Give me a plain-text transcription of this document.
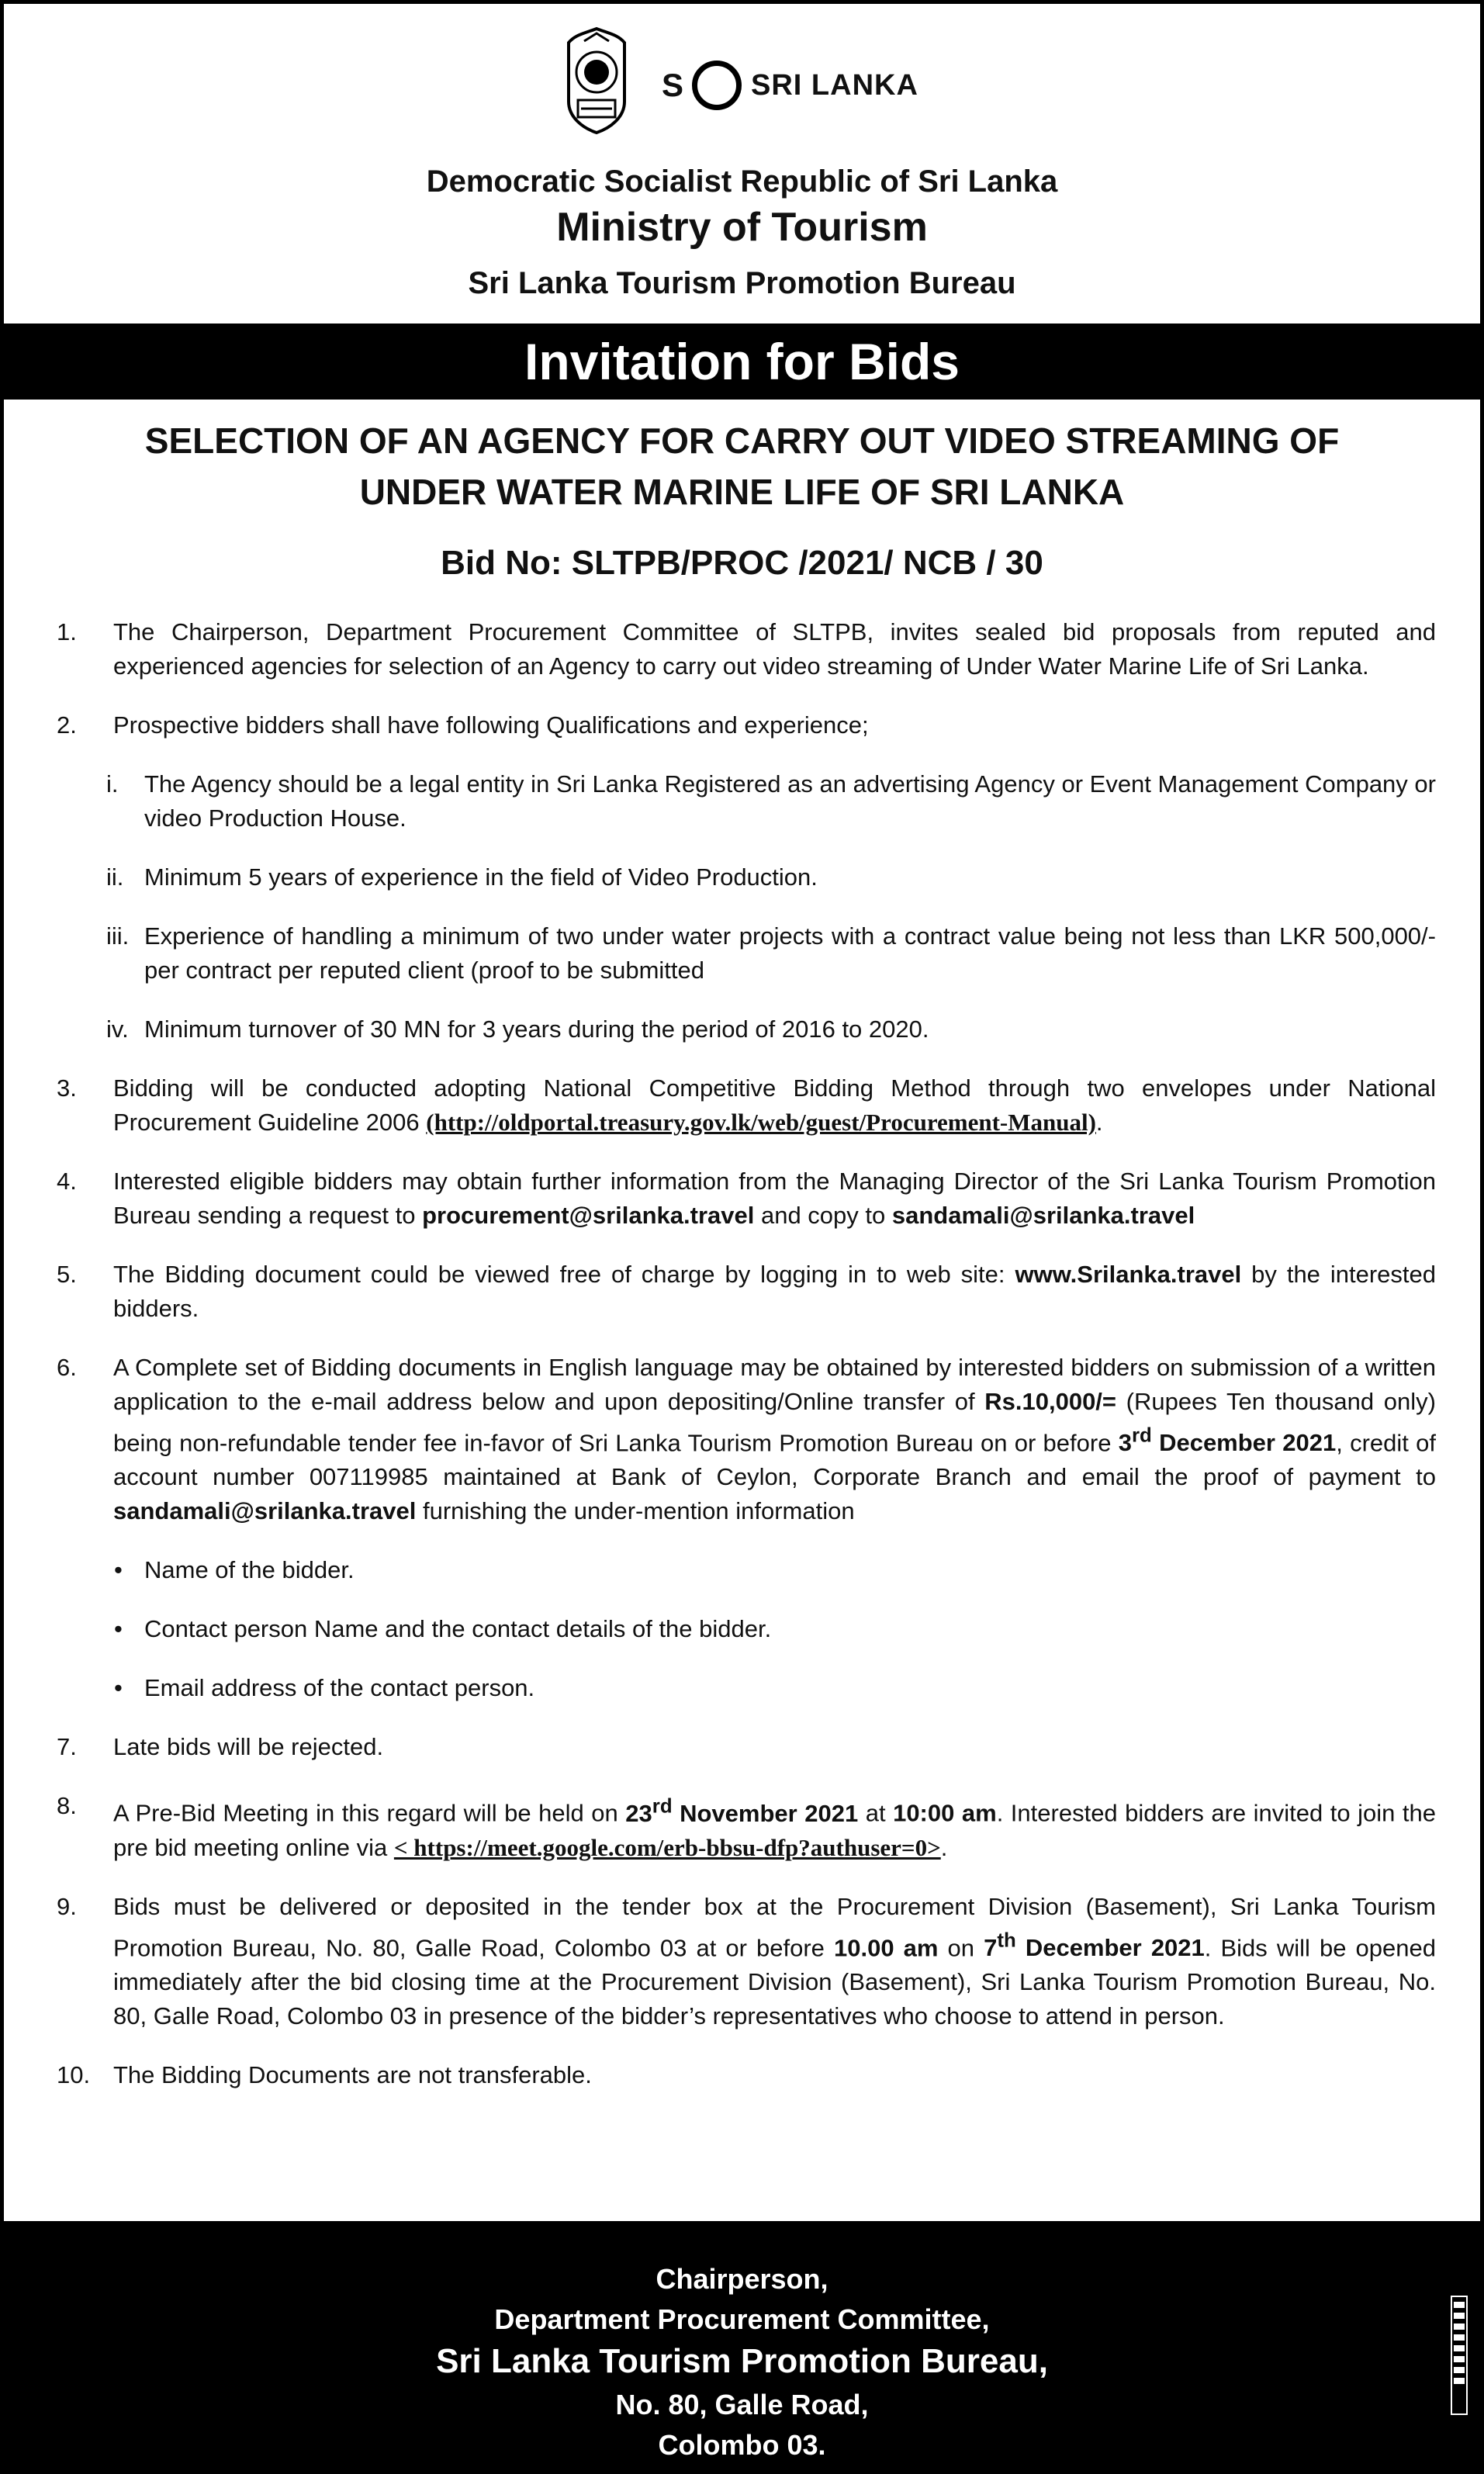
S SRI LANKA
Democratic Socialist Republic of Sri Lanka
Ministry of Tourism
Sri Lanka Tourism Promotion Bureau
Invitation for Bids
SELECTION OF AN AGENCY FOR CARRY OUT VIDEO STREAMING OF
UNDER WATER MARINE LIFE OF SRI LANKA
Bid No: SLTPB/PROC /2021/ NCB / 30
1. The Chairperson, Department Procurement Committee of SLTPB, invites sealed bid proposals from reputed and experienced agencies for selection of an Agency to carry out video streaming of Under Water Marine Life of Sri Lanka.
2. Prospective bidders shall have following Qualifications and experience;
i. The Agency should be a legal entity in Sri Lanka Registered as an advertising Agency or Event Management Company or video Production House.
ii. Minimum 5 years of experience in the field of Video Production.
iii. Experience of handling a minimum of two under water projects with a contract value being not less than LKR 500,000/- per contract per reputed client (proof to be submitted
iv. Minimum turnover of 30 MN for 3 years during the period of 2016 to 2020.
3. Bidding will be conducted adopting National Competitive Bidding Method through two envelopes under National Procurement Guideline 2006 (http://oldportal.treasury.gov.lk/web/guest/Procurement-Manual).
4. Interested eligible bidders may obtain further information from the Managing Director of the Sri Lanka Tourism Promotion Bureau sending a request to procurement@srilanka.travel and copy to sandamali@srilanka.travel
5. The Bidding document could be viewed free of charge by logging in to web site: www.Srilanka.travel by the interested bidders.
6. A Complete set of Bidding documents in English language may be obtained by interested bidders on submission of a written application to the e-mail address below and upon depositing/Online transfer of Rs.10,000/= (Rupees Ten thousand only) being non-refundable tender fee in-favor of Sri Lanka Tourism Promotion Bureau on or before 3rd December 2021, credit of account number 007119985 maintained at Bank of Ceylon, Corporate Branch and email the proof of payment to sandamali@srilanka.travel furnishing the under-mention information
• Name of the bidder.
• Contact person Name and the contact details of the bidder.
• Email address of the contact person.
7. Late bids will be rejected.
8. A Pre-Bid Meeting in this regard will be held on 23rd November 2021 at 10:00 am. Interested bidders are invited to join the pre bid meeting online via < https://meet.google.com/erb-bbsu-dfp?authuser=0>.
9. Bids must be delivered or deposited in the tender box at the Procurement Division (Basement), Sri Lanka Tourism Promotion Bureau, No. 80, Galle Road, Colombo 03 at or before 10.00 am on 7th December 2021. Bids will be opened immediately after the bid closing time at the Procurement Division (Basement), Sri Lanka Tourism Promotion Bureau, No. 80, Galle Road, Colombo 03 in presence of the bidder’s representatives who choose to attend in person.
10. The Bidding Documents are not transferable.
Chairperson,
Department Procurement Committee,
Sri Lanka Tourism Promotion Bureau,
No. 80, Galle Road,
Colombo 03.
